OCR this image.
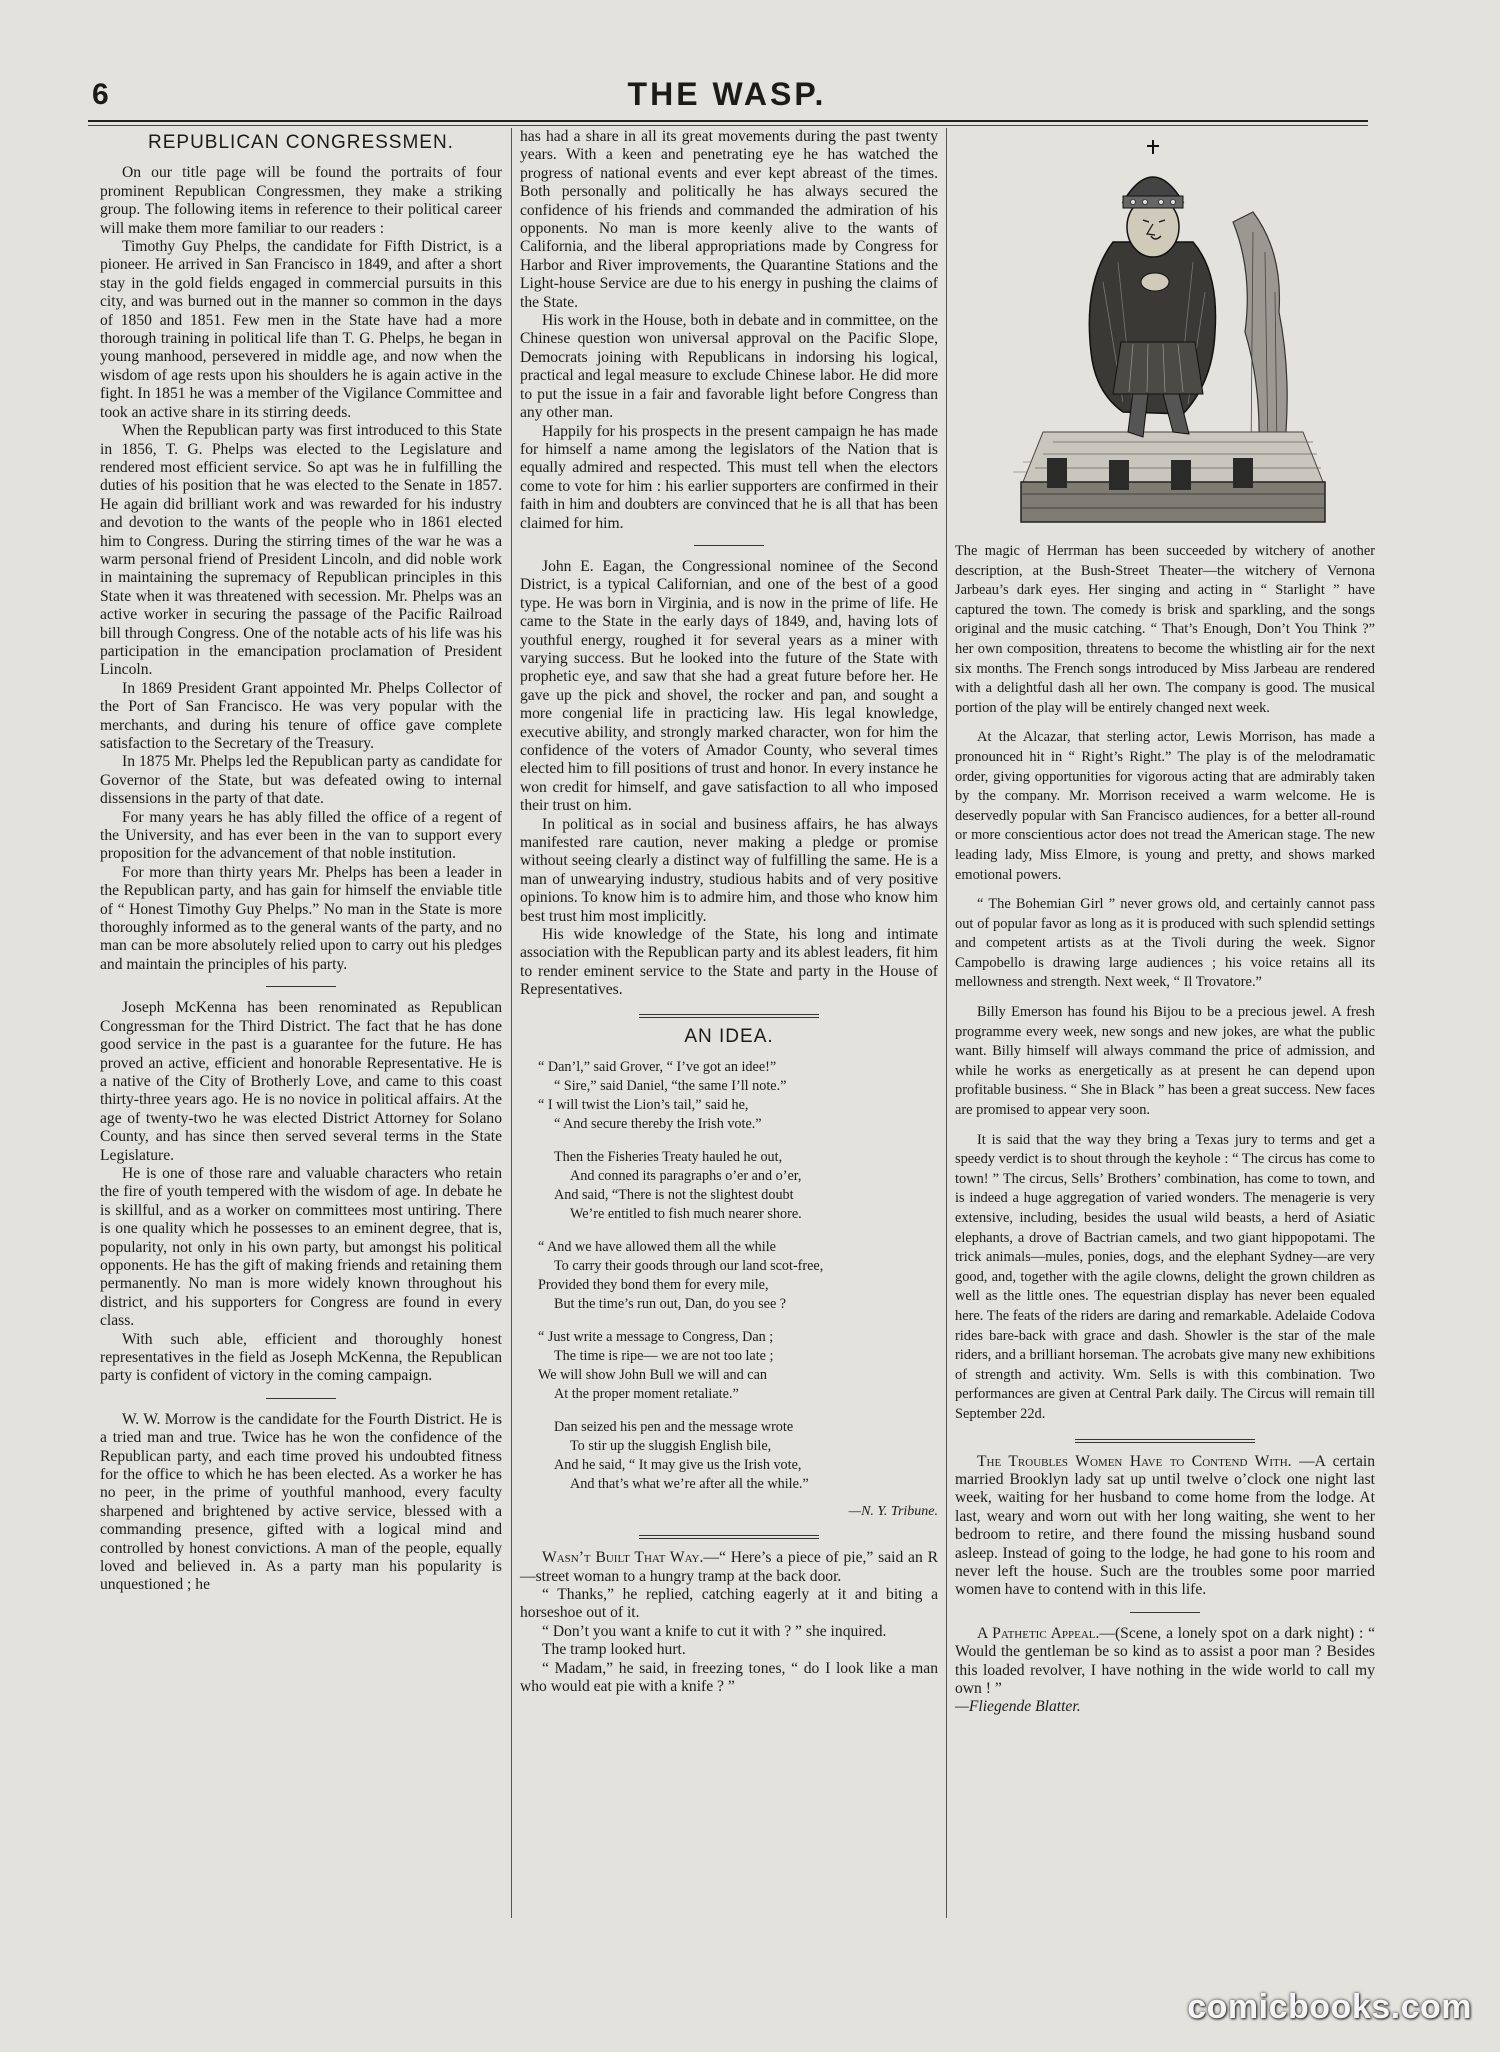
6	THE WASP.
REPUBLICAN CONGRESSMEN.

On our title page will be found the portraits of four prominent Republican Congressmen, they make a striking group. The following items in reference to their political career will make them more familiar to our readers :

Timothy Guy Phelps, the candidate for Fifth District, is a pioneer. He arrived in San Francisco in 1849, and after a short stay in the gold fields engaged in commercial pursuits in this city, and was burned out in the manner so common in the days of 1850 and 1851. Few men in the State have had a more thorough training in political life than T. G. Phelps, he began in young manhood, persevered in middle age, and now when the wisdom of age rests upon his shoulders he is again active in the fight. In 1851 he was a member of the Vigilance Committee and took an active share in its stirring deeds.

When the Republican party was first introduced to this State in 1856, T. G. Phelps was elected to the Legislature and rendered most efficient service. So apt was he in fulfilling the duties of his position that he was elected to the Senate in 1857. He again did brilliant work and was rewarded for his industry and devotion to the wants of the people who in 1861 elected him to Congress. During the stirring times of the war he was a warm personal friend of President Lincoln, and did noble work in maintaining the supremacy of Republican principles in this State when it was threatened with secession. Mr. Phelps was an active worker in securing the passage of the Pacific Railroad bill through Congress. One of the notable acts of his life was his participation in the emancipation proclamation of President Lincoln.

In 1869 President Grant appointed Mr. Phelps Collector of the Port of San Francisco. He was very popular with the merchants, and during his tenure of office gave complete satisfaction to the Secretary of the Treasury.

In 1875 Mr. Phelps led the Republican party as candidate for Governor of the State, but was defeated owing to internal dissensions in the party of that date.

For many years he has ably filled the office of a regent of the University, and has ever been in the van to support every proposition for the advancement of that noble institution.

For more than thirty years Mr. Phelps has been a leader in the Republican party, and has gain for himself the enviable title of “ Honest Timothy Guy Phelps.” No man in the State is more thoroughly informed as to the general wants of the party, and no man can be more absolutely relied upon to carry out his pledges and maintain the principles of his party.

Joseph McKenna has been renominated as Republican Congressman for the Third District. The fact that he has done good service in the past is a guarantee for the future. He has proved an active, efficient and honorable Representative. He is a native of the City of Brotherly Love, and came to this coast thirty-three years ago. He is no novice in political affairs. At the age of twenty-two he was elected District Attorney for Solano County, and has since then served several terms in the State Legislature.

He is one of those rare and valuable characters who retain the fire of youth tempered with the wisdom of age. In debate he is skillful, and as a worker on committees most untiring. There is one quality which he possesses to an eminent degree, that is, popularity, not only in his own party, but amongst his political opponents. He has the gift of making friends and retaining them permanently. No man is more widely known throughout his district, and his supporters for Congress are found in every class.

With such able, efficient and thoroughly honest representatives in the field as Joseph McKenna, the Republican party is confident of victory in the coming campaign.

W. W. Morrow is the candidate for the Fourth District. He is a tried man and true. Twice has he won the confidence of the Republican party, and each time proved his undoubted fitness for the office to which he has been elected. As a worker he has no peer, in the prime of youthful manhood, every faculty sharpened and brightened by active service, blessed with a commanding presence, gifted with a logical mind and controlled by honest convictions. A man of the people, equally loved and believed in. As a party man his popularity is unquestioned ; he

has had a share in all its great movements during the past twenty years. With a keen and penetrating eye he has watched the progress of national events and ever kept abreast of the times. Both personally and politically he has always secured the confidence of his friends and commanded the admiration of his opponents. No man is more keenly alive to the wants of California, and the liberal appropriations made by Congress for Harbor and River improvements, the Quarantine Stations and the Light-house Service are due to his energy in pushing the claims of the State.

His work in the House, both in debate and in committee, on the Chinese question won universal approval on the Pacific Slope, Democrats joining with Republicans in indorsing his logical, practical and legal measure to exclude Chinese labor. He did more to put the issue in a fair and favorable light before Congress than any other man.

Happily for his prospects in the present campaign he has made for himself a name among the legislators of the Nation that is equally admired and respected. This must tell when the electors come to vote for him : his earlier supporters are confirmed in their faith in him and doubters are convinced that he is all that has been claimed for him.

John E. Eagan, the Congressional nominee of the Second District, is a typical Californian, and one of the best of a good type. He was born in Virginia, and is now in the prime of life. He came to the State in the early days of 1849, and, having lots of youthful energy, roughed it for several years as a miner with varying success. But he looked into the future of the State with prophetic eye, and saw that she had a great future before her. He gave up the pick and shovel, the rocker and pan, and sought a more congenial life in practicing law. His legal knowledge, executive ability, and strongly marked character, won for him the confidence of the voters of Amador County, who several times elected him to fill positions of trust and honor. In every instance he won credit for himself, and gave satisfaction to all who imposed their trust on him.

In political as in social and business affairs, he has always manifested rare caution, never making a pledge or promise without seeing clearly a distinct way of fulfilling the same. He is a man of unwearying industry, studious habits and of very positive opinions. To know him is to admire him, and those who know him best trust him most implicitly.

His wide knowledge of the State, his long and intimate association with the Republican party and its ablest leaders, fit him to render eminent service to the State and party in the House of Representatives.

AN IDEA.
“ Dan’l,” said Grover, “ I’ve got an idee!”
“ Sire,” said Daniel, “the same I’ll note.”
“ I will twist the Lion’s tail,” said he,
“ And secure thereby the Irish vote.”
Then the Fisheries Treaty hauled he out,
And conned its paragraphs o’er and o’er,
And said, “There is not the slightest doubt
We’re entitled to fish much nearer shore.
“ And we have allowed them all the while
To carry their goods through our land scot-free,
Provided they bond them for every mile,
But the time’s run out, Dan, do you see ?
“ Just write a message to Congress, Dan ;
The time is ripe— we are not too late ;
We will show John Bull we will and can
At the proper moment retaliate.”
Dan seized his pen and the message wrote
To stir up the sluggish English bile,
And he said, “ It may give us the Irish vote,
And that’s what we’re after all the while.”
—N. Y. Tribune.

Wasn’t Built That Way.—“ Here’s a piece of pie,” said an R—street woman to a hungry tramp at the back door.

“ Thanks,” he replied, catching eagerly at it and biting a horseshoe out of it.

“ Don’t you want a knife to cut it with ? ” she inquired.

The tramp looked hurt.

“ Madam,” he said, in freezing tones, “ do I look like a man who would eat pie with a knife ? ”

The magic of Herrman has been succeeded by witchery of another description, at the Bush-Street Theater—the witchery of Vernona Jarbeau’s dark eyes. Her singing and acting in “ Starlight ” have captured the town. The comedy is brisk and sparkling, and the songs original and the music catching. “ That’s Enough, Don’t You Think ?” her own composition, threatens to become the whistling air for the next six months. The French songs introduced by Miss Jarbeau are rendered with a delightful dash all her own. The company is good. The musical portion of the play will be entirely changed next week.

At the Alcazar, that sterling actor, Lewis Morrison, has made a pronounced hit in “ Right’s Right.” The play is of the melodramatic order, giving opportunities for vigorous acting that are admirably taken by the company. Mr. Morrison received a warm welcome. He is deservedly popular with San Francisco audiences, for a better all-round or more conscientious actor does not tread the American stage. The new leading lady, Miss Elmore, is young and pretty, and shows marked emotional powers.

“ The Bohemian Girl ” never grows old, and certainly cannot pass out of popular favor as long as it is produced with such splendid settings and competent artists as at the Tivoli during the week. Signor Campobello is drawing large audiences ; his voice retains all its mellowness and strength. Next week, “ Il Trovatore.”

Billy Emerson has found his Bijou to be a precious jewel. A fresh programme every week, new songs and new jokes, are what the public want. Billy himself will always command the price of admission, and while he works as energetically as at present he can depend upon profitable business. “ She in Black ” has been a great success. New faces are promised to appear very soon.

It is said that the way they bring a Texas jury to terms and get a speedy verdict is to shout through the keyhole : “ The circus has come to town! ” The circus, Sells’ Brothers’ combination, has come to town, and is indeed a huge aggregation of varied wonders. The menagerie is very extensive, including, besides the usual wild beasts, a herd of Asiatic elephants, a drove of Bactrian camels, and two giant hippopotami. The trick animals—mules, ponies, dogs, and the elephant Sydney—are very good, and, together with the agile clowns, delight the grown children as well as the little ones. The equestrian display has never been equaled here. The feats of the riders are daring and remarkable. Adelaide Codova rides bare-back with grace and dash. Showler is the star of the male riders, and a brilliant horseman. The acrobats give many new exhibitions of strength and activity. Wm. Sells is with this combination. Two performances are given at Central Park daily. The Circus will remain till September 22d.

The Troubles Women Have to Contend With. —A certain married Brooklyn lady sat up until twelve o’clock one night last week, waiting for her husband to come home from the lodge. At last, weary and worn out with her long waiting, she went to her bedroom to retire, and there found the missing husband sound asleep. Instead of going to the lodge, he had gone to his room and never left the house. Such are the troubles some poor married women have to contend with in this life.

A Pathetic Appeal.—(Scene, a lonely spot on a dark night) : “ Would the gentleman be so kind as to assist a poor man ? Besides this loaded revolver, I have nothing in the wide world to call my own ! ”

—Fliegende Blatter.

comicbooks.com
